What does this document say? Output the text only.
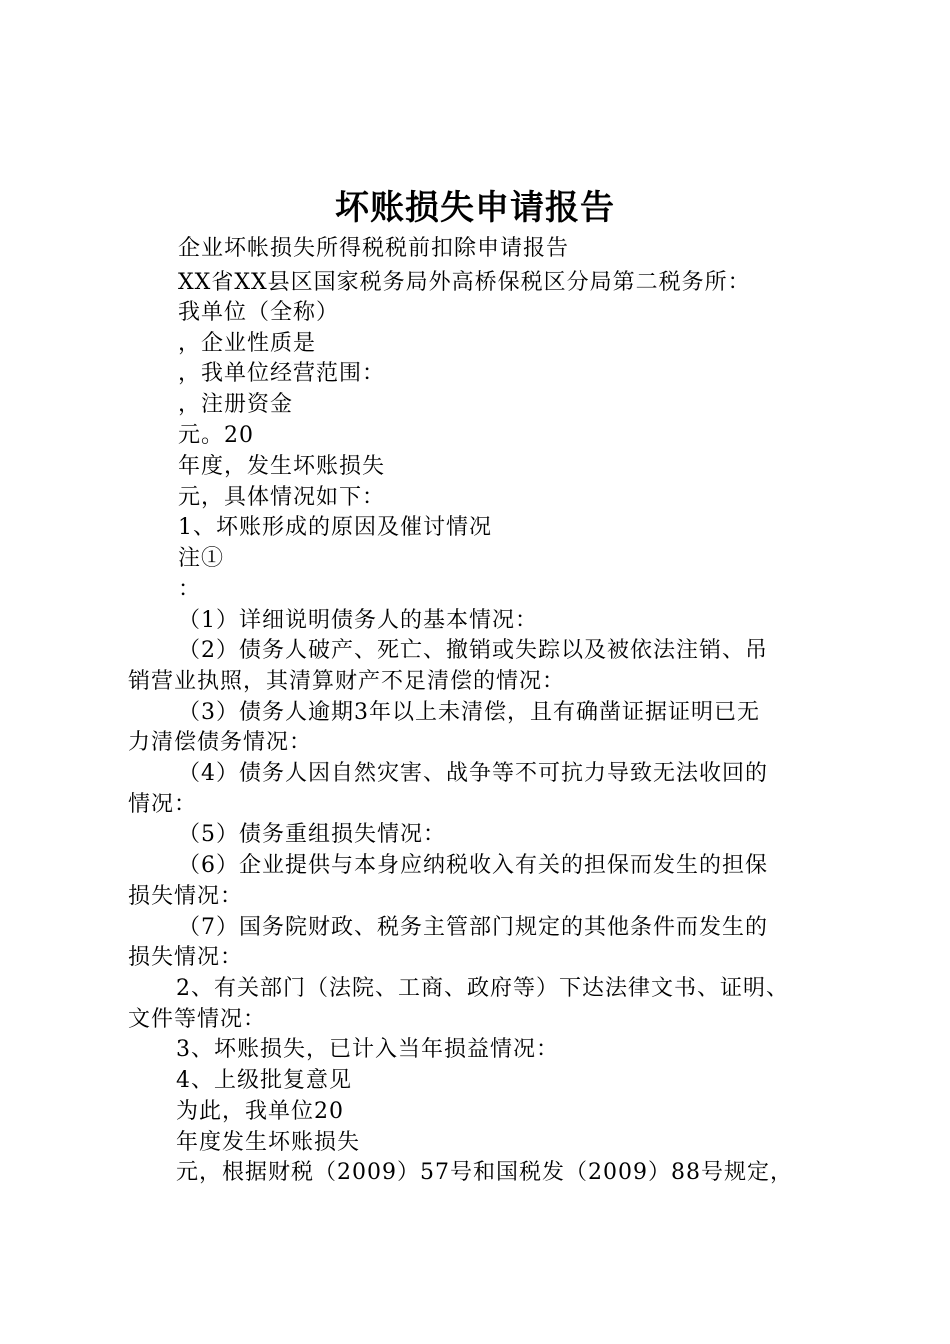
坏账损失申请报告

企业坏帐损失所得税税前扣除申请报告

XX省XX县区国家税务局外高桥保税区分局第二税务所：

我单位（全称）

，企业性质是

，我单位经营范围：

，注册资金

元。20

年度，发生坏账损失

元，具体情况如下：

1、坏账形成的原因及催讨情况

注①

：

（1）详细说明债务人的基本情况：

（2）债务人破产、死亡、撤销或失踪以及被依法注销、吊

销营业执照，其清算财产不足清偿的情况：

（3）债务人逾期3年以上未清偿，且有确凿证据证明已无

力清偿债务情况：

（4）债务人因自然灾害、战争等不可抗力导致无法收回的

情况：

（5）债务重组损失情况：

（6）企业提供与本身应纳税收入有关的担保而发生的担保

损失情况：

（7）国务院财政、税务主管部门规定的其他条件而发生的

损失情况：

2、有关部门（法院、工商、政府等）下达法律文书、证明、

文件等情况：

3、坏账损失，已计入当年损益情况：

4、上级批复意见

为此，我单位20

年度发生坏账损失

元，根据财税（2009）57号和国税发（2009）88号规定，
